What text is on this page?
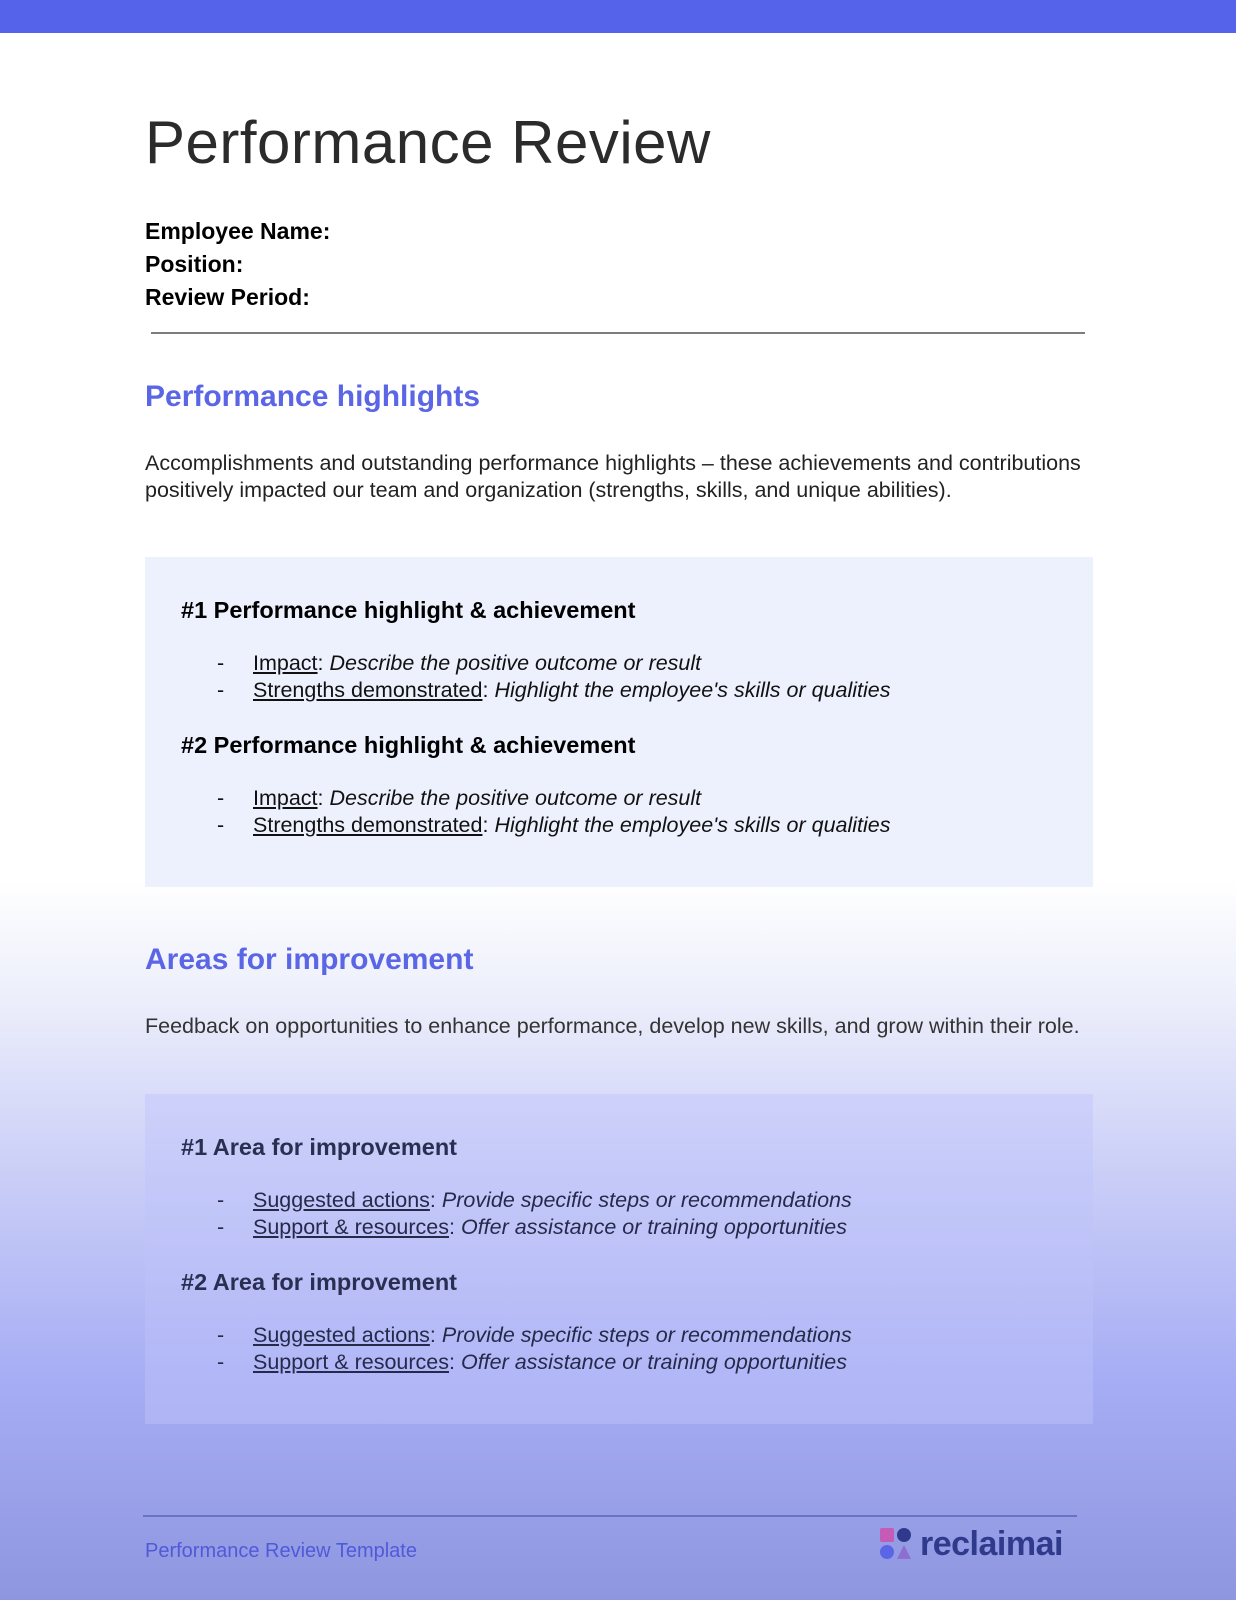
Performance Review
Employee Name:
Position:
Review Period:
Performance highlights

Accomplishments and outstanding performance highlights – these achievements and contributions positively impacted our team and organization (strengths, skills, and unique abilities).

#1 Performance highlight & achievement
- Impact: Describe the positive outcome or result
- Strengths demonstrated: Highlight the employee's skills or qualities
#2 Performance highlight & achievement
- Impact: Describe the positive outcome or result
- Strengths demonstrated: Highlight the employee's skills or qualities
Areas for improvement

Feedback on opportunities to enhance performance, develop new skills, and grow within their role.

#1 Area for improvement
- Suggested actions: Provide specific steps or recommendations
- Support & resources: Offer assistance or training opportunities
#2 Area for improvement
- Suggested actions: Provide specific steps or recommendations
- Support & resources: Offer assistance or training opportunities
Performance Review Template	reclaimai
